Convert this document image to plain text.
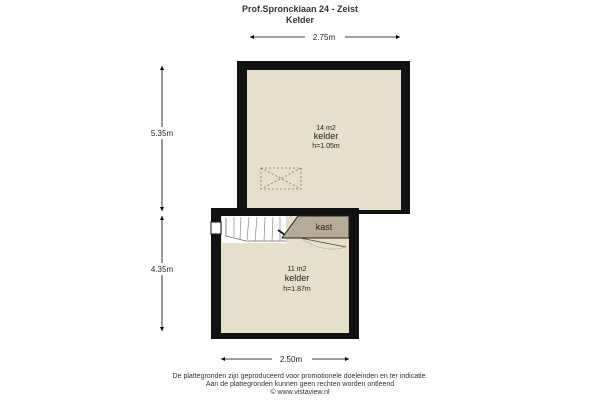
Prof.Spronckiaan 24 - Zeist
Kelder
2.75m
2.50m
5.35m
4.35m
14 m2
kelder
h=1.05m
11 m2
kelder
h=1.87m
kast
De plattegronden zijn geproduceerd voor promotionele doeleinden en ter indicatie.
Aan de plattegronden kunnen geen rechten worden ontleend
© www.vistaview.nl
